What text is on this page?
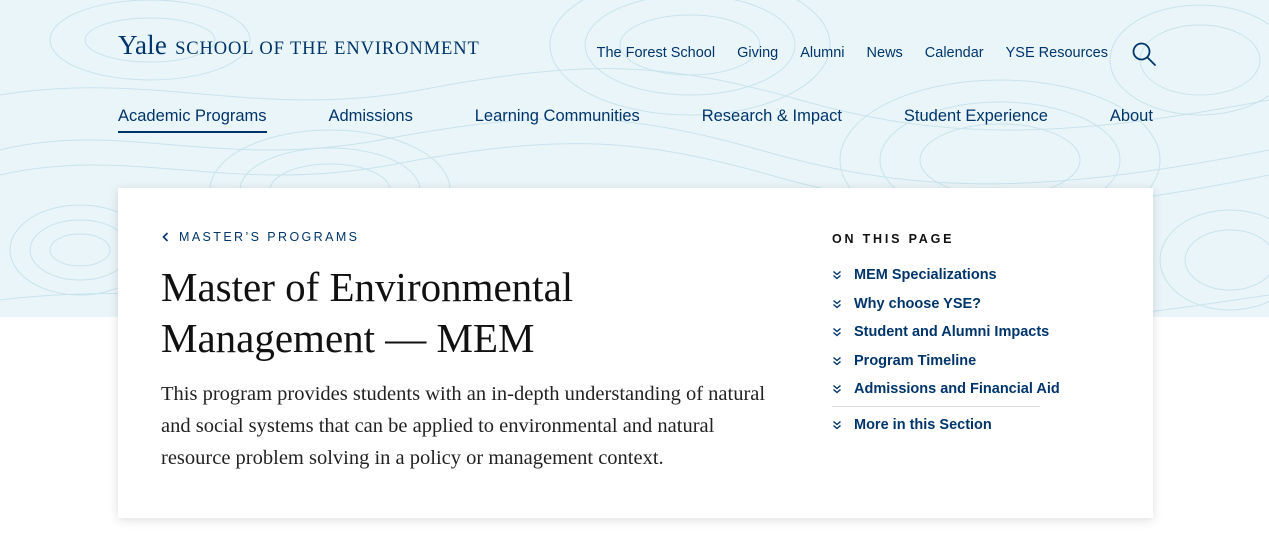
Yale SCHOOL OF THE ENVIRONMENT	The Forest School Giving Alumni News Calendar YSE Resources
Academic Programs	Admissions	Learning Communities	Research & Impact	Student Experience	About
MASTER’S PROGRAMS
Master of Environmental
Management — MEM

This program provides students with an in-depth understanding of natural and social systems that can be applied to environmental and natural resource problem solving in a policy or management context.

ON THIS PAGE
MEM Specializations
Why choose YSE?
Student and Alumni Impacts
Program Timeline
Admissions and Financial Aid
More in this Section
